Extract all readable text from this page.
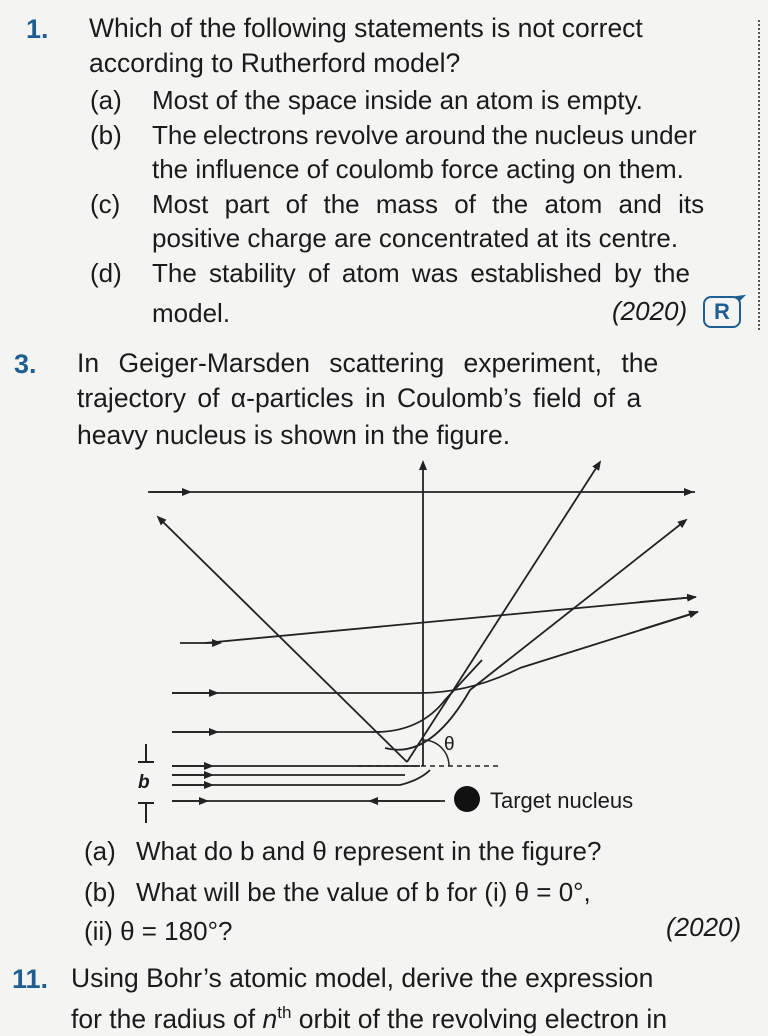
1. Which of the following statements is not correct
according to Rutherford model?
(a) Most of the space inside an atom is empty.
(b) The electrons revolve around the nucleus under
the influence of coulomb force acting on them.
(c) Most part of the mass of the atom and its
positive charge are concentrated at its centre.
(d) The stability of atom was established by the
model.	(2020)	R
3. In Geiger-Marsden scattering experiment, the
trajectory of α-particles in Coulomb’s field of a
heavy nucleus is shown in the figure.
θ
b
Target nucleus
(a) What do b and θ represent in the figure?
(b) What will be the value of b for (i) θ = 0°,
(ii) θ = 180°?	(2020)
11. Using Bohr’s atomic model, derive the expression
for the radius of $n^{th}$ orbit of the revolving electron in
